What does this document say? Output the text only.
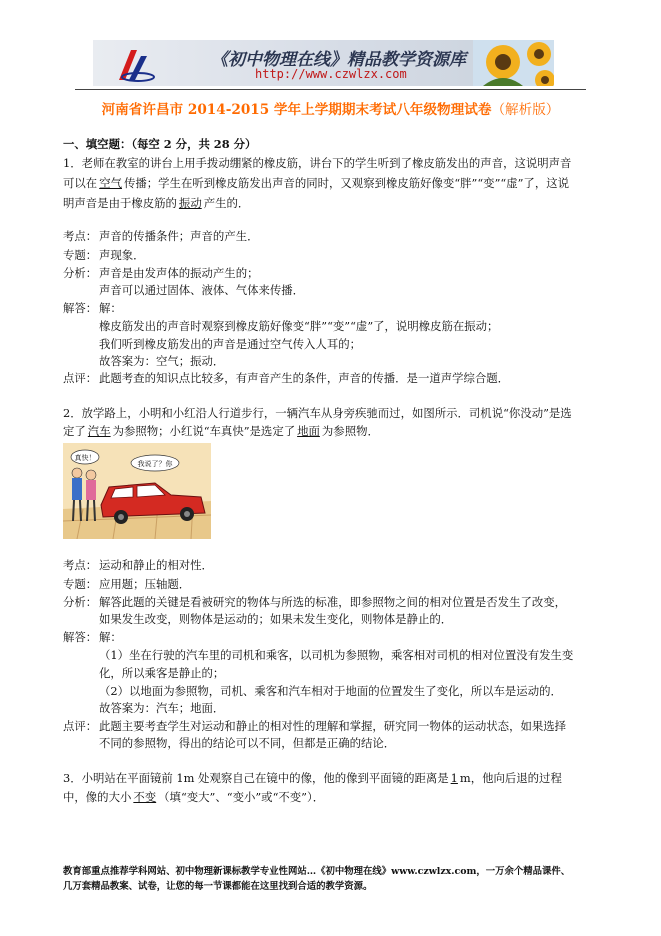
《初中物理在线》精品教学资源库
http://www.czwlzx.com
河南省许昌市 2014-2015 学年上学期期末考试八年级物理试卷（解析版）
一、填空题：（每空 2 分，共 28 分）
1．老师在教室的讲台上用手拨动绷紧的橡皮筋，讲台下的学生听到了橡皮筋发出的声音，这说明声音
可以在 空气 传播；学生在听到橡皮筋发出声音的同时，又观察到橡皮筋好像变“胖”“变”“虚”了，这说
明声音是由于橡皮筋的 振动 产生的．
考点： 声音的传播条件；声音的产生．
专题： 声现象．
分析： 声音是由发声体的振动产生的；
声音可以通过固体、液体、气体来传播．
解答： 解：
橡皮筋发出的声音时观察到橡皮筋好像变“胖”“变”“虚”了，说明橡皮筋在振动；
我们听到橡皮筋发出的声音是通过空气传入人耳的；
故答案为：空气；振动．
点评： 此题考查的知识点比较多，有声音产生的条件，声音的传播．是一道声学综合题．
2．放学路上，小明和小红沿人行道步行，一辆汽车从身旁疾驰而过，如图所示．司机说“你没动”是选
定了 汽车 为参照物；小红说“车真快”是选定了 地面 为参照物．
真快！
我说了？你
考点： 运动和静止的相对性．
专题： 应用题；压轴题．
分析： 解答此题的关键是看被研究的物体与所选的标准，即参照物之间的相对位置是否发生了改变，
如果发生改变，则物体是运动的；如果未发生变化，则物体是静止的．
解答： 解：
（1）坐在行驶的汽车里的司机和乘客，以司机为参照物，乘客相对司机的相对位置没有发生变
化，所以乘客是静止的；
（2）以地面为参照物，司机、乘客和汽车相对于地面的位置发生了变化，所以车是运动的．
故答案为：汽车；地面．
点评： 此题主要考查学生对运动和静止的相对性的理解和掌握，研究同一物体的运动状态，如果选择
不同的参照物，得出的结论可以不同，但都是正确的结论．
3．小明站在平面镜前 1m 处观察自己在镜中的像，他的像到平面镜的距离是 1 m，他向后退的过程
中，像的大小 不变 （填“变大”、“变小”或“不变”）．
教育部重点推荐学科网站、初中物理新课标教学专业性网站…《初中物理在线》www.czwlzx.com，一万余个精品课件、
几万套精品教案、试卷，让您的每一节课都能在这里找到合适的教学资源。
